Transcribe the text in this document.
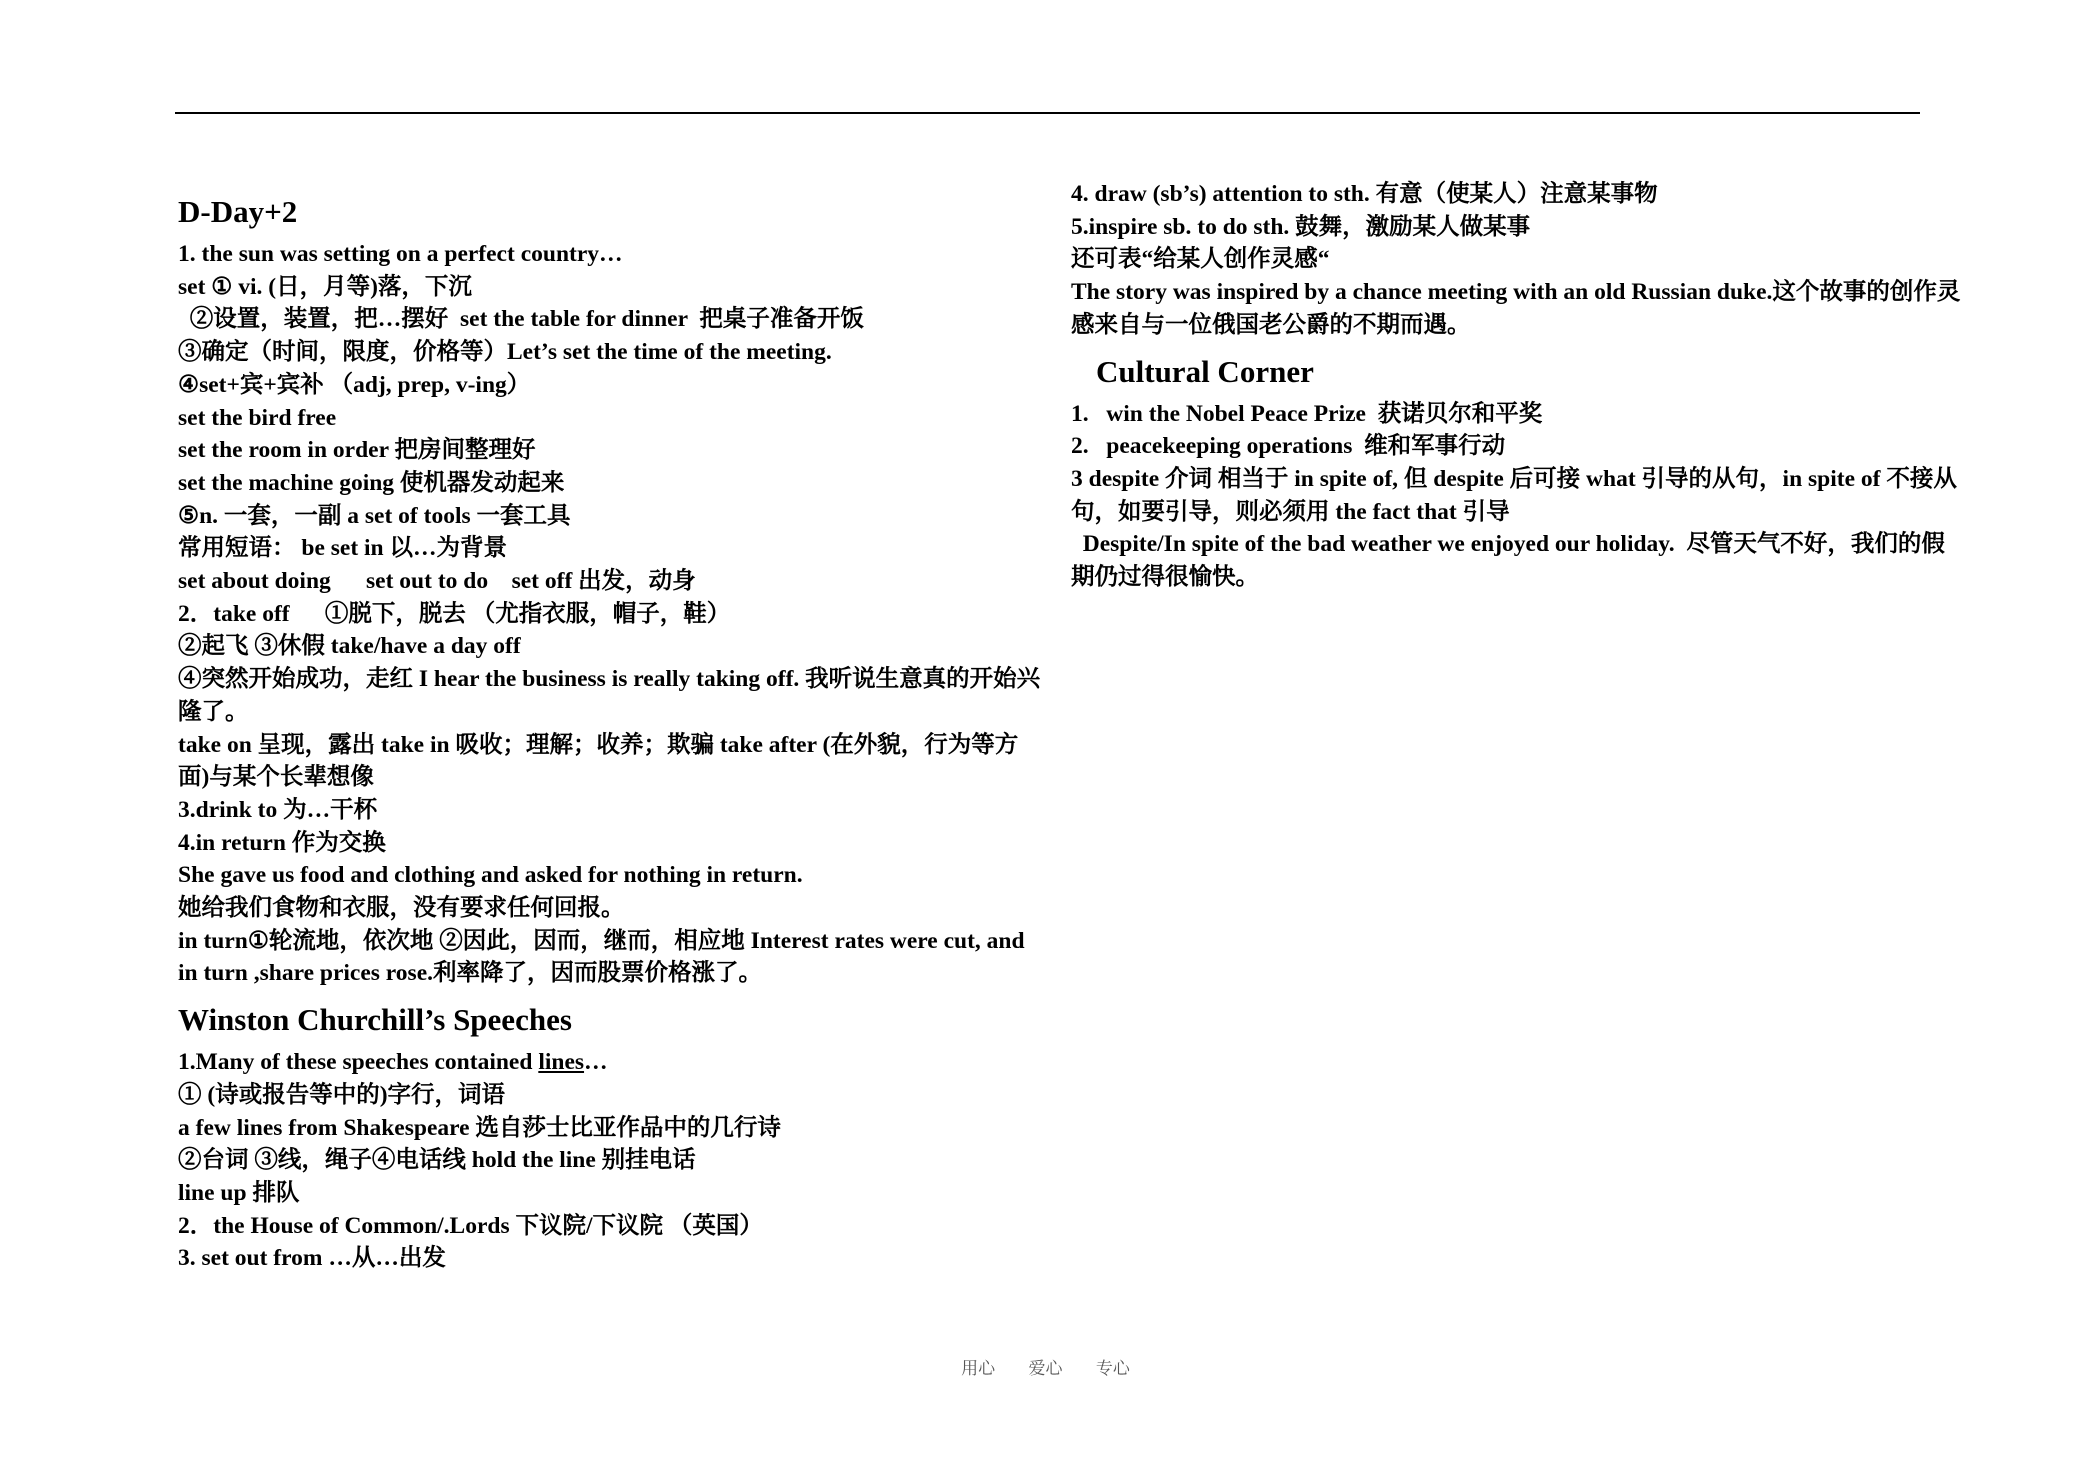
D-Day+2
1. the sun was setting on a perfect country…
set ① vi. (日，月等)落，下沉
②设置，装置，把…摆好  set the table for dinner  把桌子准备开饭
③确定（时间，限度，价格等）Let’s set the time of the meeting.
④set+宾+宾补 （adj, prep, v-ing）
set the bird free
set the room in order 把房间整理好
set the machine going 使机器发动起来
⑤n. 一套，一副 a set of tools 一套工具
常用短语： be set in 以…为背景
set about doing      set out to do    set off 出发，动身
2．take off      ①脱下，脱去 （尤指衣服，帽子，鞋）
②起飞 ③休假 take/have a day off
④突然开始成功，走红 I hear the business is really taking off. 我听说生意真的开始兴隆了。
take on 呈现，露出 take in 吸收；理解；收养；欺骗 take after (在外貌，行为等方面)与某个长辈想像
3.drink to 为…干杯
4.in return 作为交换
She gave us food and clothing and asked for nothing in return.
她给我们食物和衣服，没有要求任何回报。
in turn①轮流地，依次地 ②因此，因而，继而，相应地 Interest rates were cut, and in turn ,share prices rose.利率降了，因而股票价格涨了。
Winston Churchill’s Speeches
1.Many of these speeches contained lines…
① (诗或报告等中的)字行，词语
a few lines from Shakespeare 选自莎士比亚作品中的几行诗
②台词 ③线，绳子④电话线 hold the line 别挂电话
line up 排队
2．the House of Common/.Lords 下议院/下议院 （英国）
3. set out from …从…出发
4. draw (sb’s) attention to sth. 有意（使某人）注意某事物
5.inspire sb. to do sth. 鼓舞，激励某人做某事
还可表“给某人创作灵感“
The story was inspired by a chance meeting with an old Russian duke.这个故事的创作灵感来自与一位俄国老公爵的不期而遇。
Cultural Corner
1.   win the Nobel Peace Prize  获诺贝尔和平奖
2.   peacekeeping operations  维和军事行动
3 despite 介词 相当于 in spite of, 但 despite 后可接 what 引导的从句，in spite of 不接从句，如要引导，则必须用 the fact that 引导
Despite/In spite of the bad weather we enjoyed our holiday.  尽管天气不好，我们的假期仍过得很愉快。
用心 爱心 专心
